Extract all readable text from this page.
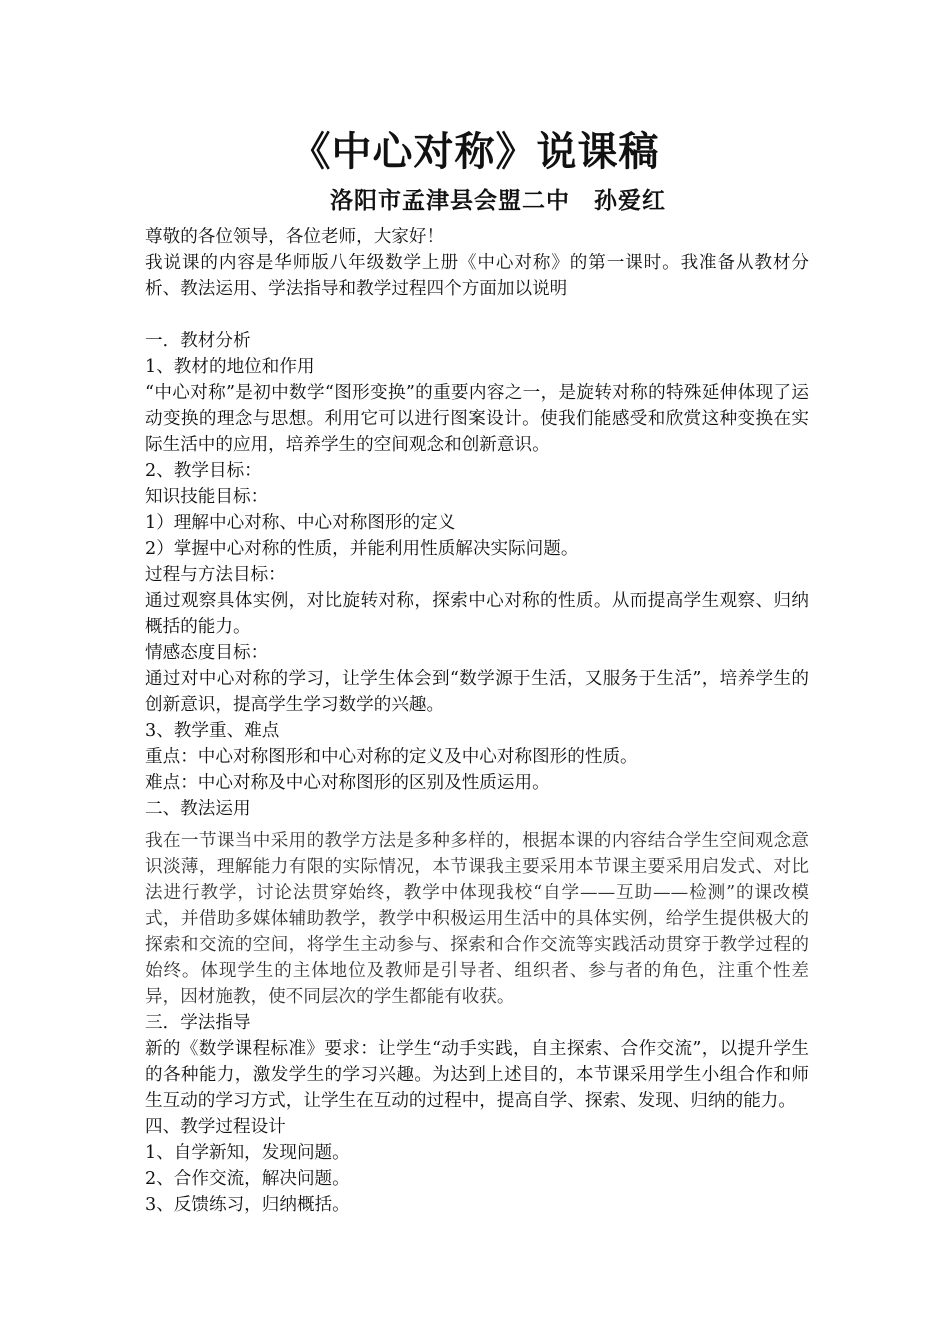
《中心对称》说课稿
洛阳市孟津县会盟二中 孙爱红

尊敬的各位领导，各位老师，大家好！

我说课的内容是华师版八年级数学上册《中心对称》的第一课时。我准备从教材分析、教法运用、学法指导和教学过程四个方面加以说明

一．教材分析

1、教材的地位和作用

“中心对称”是初中数学“图形变换”的重要内容之一，是旋转对称的特殊延伸体现了运动变换的理念与思想。利用它可以进行图案设计。使我们能感受和欣赏这种变换在实际生活中的应用，培养学生的空间观念和创新意识。

2、教学目标：

知识技能目标：

1）理解中心对称、中心对称图形的定义

2）掌握中心对称的性质，并能利用性质解决实际问题。

过程与方法目标：

通过观察具体实例，对比旋转对称，探索中心对称的性质。从而提高学生观察、归纳概括的能力。

情感态度目标：

通过对中心对称的学习，让学生体会到“数学源于生活，又服务于生活”，培养学生的创新意识，提高学生学习数学的兴趣。

3、教学重、难点

重点：中心对称图形和中心对称的定义及中心对称图形的性质。

难点：中心对称及中心对称图形的区别及性质运用。

二、教法运用

我在一节课当中采用的教学方法是多种多样的，根据本课的内容结合学生空间观念意识淡薄，理解能力有限的实际情况，本节课我主要采用本节课主要采用启发式、对比法进行教学，讨论法贯穿始终，教学中体现我校“自学——互助——检测”的课改模式，并借助多媒体辅助教学，教学中积极运用生活中的具体实例，给学生提供极大的探索和交流的空间，将学生主动参与、探索和合作交流等实践活动贯穿于教学过程的始终。体现学生的主体地位及教师是引导者、组织者、参与者的角色，注重个性差异，因材施教，使不同层次的学生都能有收获。

三．学法指导

新的《数学课程标准》要求：让学生“动手实践，自主探索、合作交流”，以提升学生的各种能力，激发学生的学习兴趣。为达到上述目的，本节课采用学生小组合作和师生互动的学习方式，让学生在互动的过程中，提高自学、探索、发现、归纳的能力。

四、教学过程设计

1、自学新知，发现问题。

2、合作交流，解决问题。

3、反馈练习，归纳概括。
